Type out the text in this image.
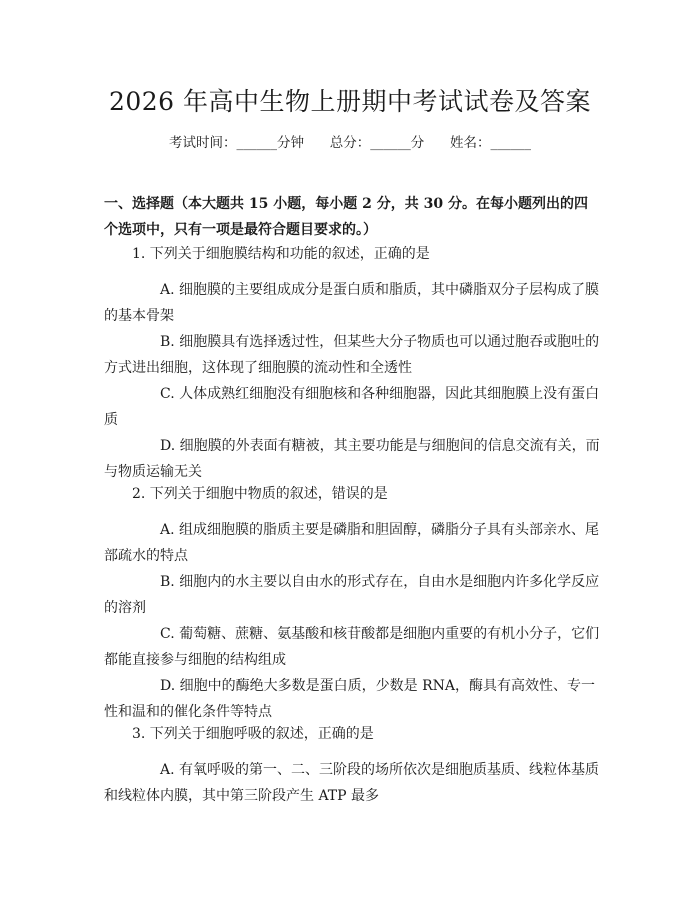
2026 年高中生物上册期中考试试卷及答案
考试时间：______分钟 总分：______分 姓名：______

一、选择题（本大题共 15 小题，每小题 2 分，共 30 分。在每小题列出的四个选项中，只有一项是最符合题目要求的。）

1. 下列关于细胞膜结构和功能的叙述，正确的是

A. 细胞膜的主要组成成分是蛋白质和脂质，其中磷脂双分子层构成了膜的基本骨架

B. 细胞膜具有选择透过性，但某些大分子物质也可以通过胞吞或胞吐的方式进出细胞，这体现了细胞膜的流动性和全透性

C. 人体成熟红细胞没有细胞核和各种细胞器，因此其细胞膜上没有蛋白质

D. 细胞膜的外表面有糖被，其主要功能是与细胞间的信息交流有关，而与物质运输无关

2. 下列关于细胞中物质的叙述，错误的是

A. 组成细胞膜的脂质主要是磷脂和胆固醇，磷脂分子具有头部亲水、尾部疏水的特点

B. 细胞内的水主要以自由水的形式存在，自由水是细胞内许多化学反应的溶剂

C. 葡萄糖、蔗糖、氨基酸和核苷酸都是细胞内重要的有机小分子，它们都能直接参与细胞的结构组成

D. 细胞中的酶绝大多数是蛋白质，少数是 RNA，酶具有高效性、专一性和温和的催化条件等特点

3. 下列关于细胞呼吸的叙述，正确的是

A. 有氧呼吸的第一、二、三阶段的场所依次是细胞质基质、线粒体基质和线粒体内膜，其中第三阶段产生 ATP 最多
